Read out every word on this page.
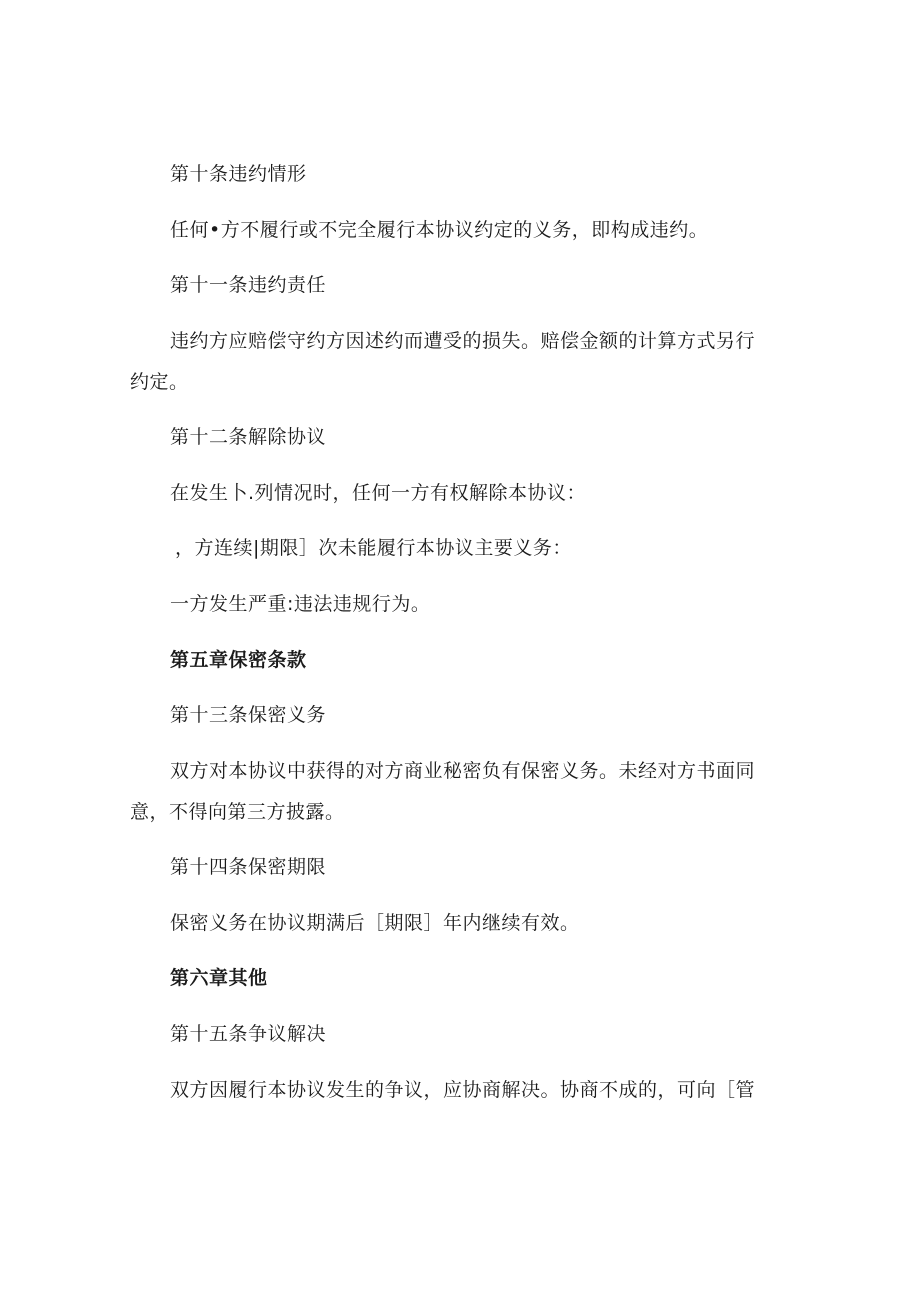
第十条违约情形
任何•方不履行或不完全履行本协议约定的义务，即构成违约。
第十一条违约责任
违约方应赔偿守约方因述约而遭受的损失。赔偿金额的计算方式另行
约定。
第十二条解除协议
在发生卜.列情况时，任何一方有权解除本协议：
，方连续|期限］次未能履行本协议主要义务：
一方发生严重:违法违规行为。
第五章保密条款
第十三条保密义务
双方对本协议中获得的对方商业秘密负有保密义务。未经对方书面同
意，不得向第三方披露。
第十四条保密期限
保密义务在协议期满后［期限］年内继续有效。
第六章其他
第十五条争议解决
双方因履行本协议发生的争议，应协商解决。协商不成的，可向［管
